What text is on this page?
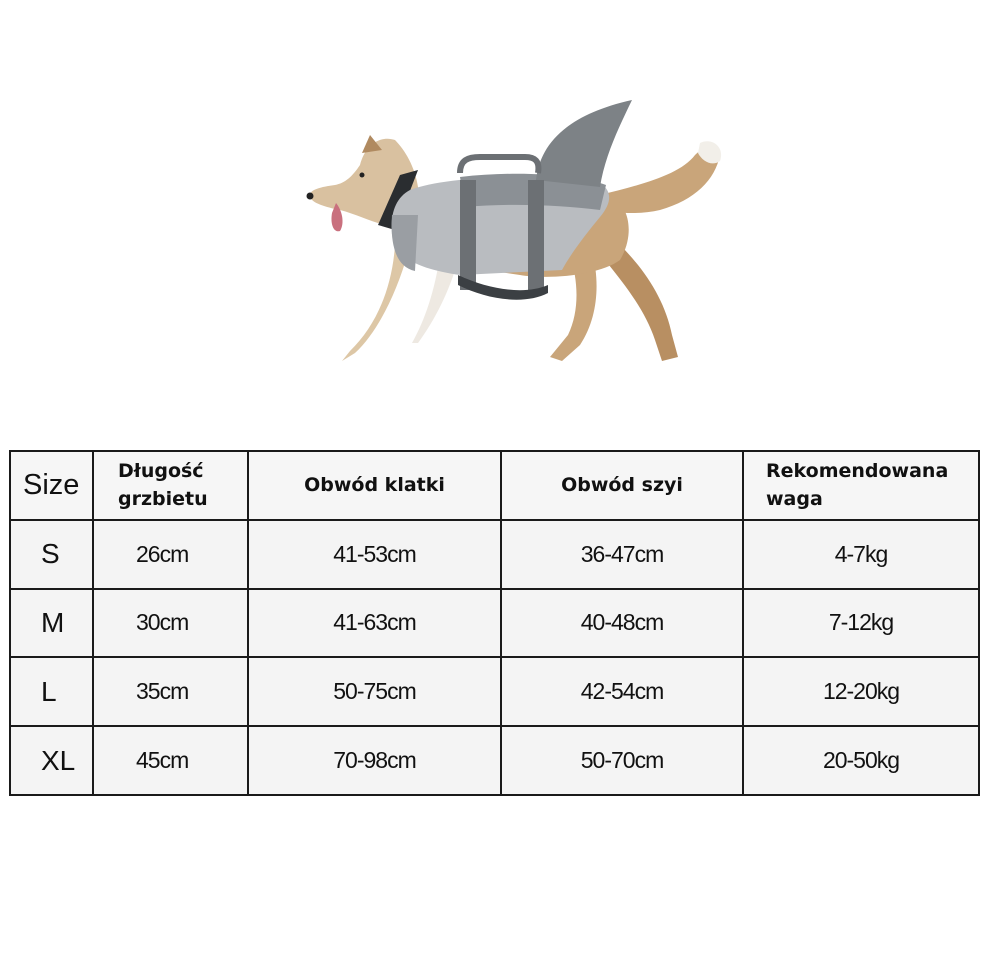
Size	Długość grzbietu	Obwód klatki	Obwód szyi	Rekomendowana waga
S	26cm	41-53cm	36-47cm	4-7kg
M	30cm	41-63cm	40-48cm	7-12kg
L	35cm	50-75cm	42-54cm	12-20kg
XL	45cm	70-98cm	50-70cm	20-50kg
